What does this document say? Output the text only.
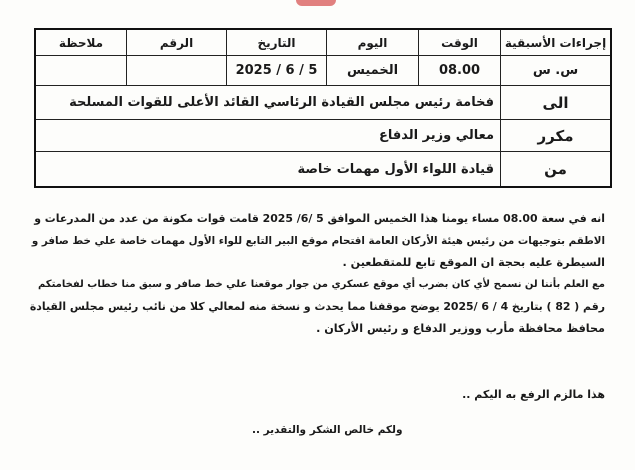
إجراءات الأسبقية
الوقت
اليوم
التاريخ
الرقم
ملاحظة
س. س
08.00
الخميس
2025 / 6 / 5
الى
فخامة رئيس مجلس القيادة الرئاسي القائد الأعلى للقوات المسلحة
مكرر
معالي وزير الدفاع
من
قيادة اللواء الأول مهمات خاصة
انه في سعة 08.00 مساء يومنا هذا الخميس الموافق 5 /6/ 2025 قامت قوات مكونة من عدد من المدرعات و
الاطقم بتوجيهات من رئيس هيئة الأركان العامة اقتحام موقع البير التابع للواء الأول مهمات خاصة علي خط صافر و
السيطرة عليه بحجة ان الموقع تابع للمتقطعين .
مع العلم بأننا لن نسمح لأي كان بضرب أي موقع عسكري من جوار موقعنا علي خط صافر و سبق منا خطاب لفخامتكم
رقم ( 82 ) بتاريخ 4 / 6 /2025 يوضح موقفنا مما يحدث و نسخة منه لمعالي كلا من نائب رئيس مجلس القيادة
محافظ محافظة مأرب ووزير الدفاع و رئيس الأركان .
هذا مالزم الرفع به اليكم ..
ولكم خالص الشكر والتقدير ..
